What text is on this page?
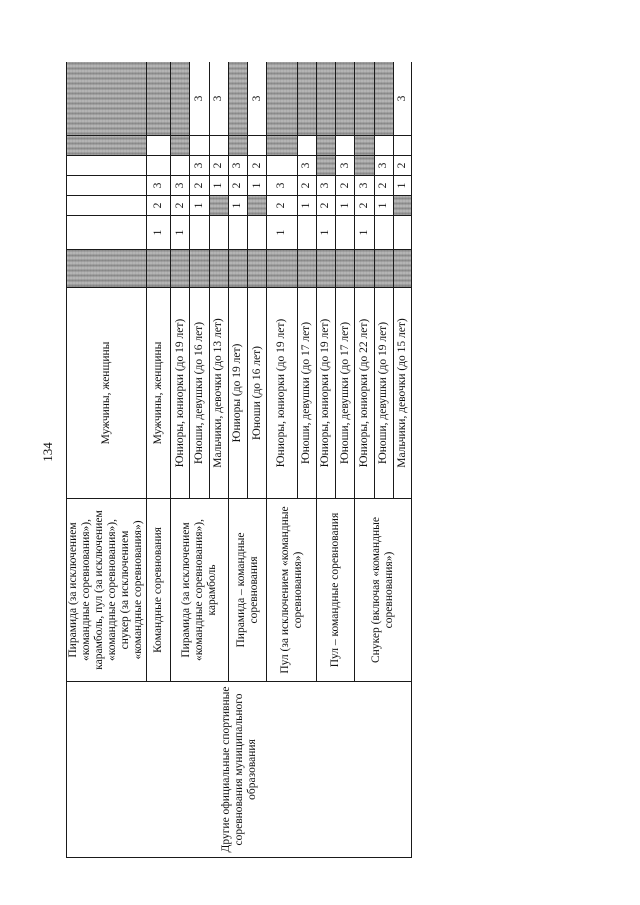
134
Другие официальные спортивные соревнования муниципального образования	Пирамида (за исключением «командные соревнования»), карамболь, пул (за исключением «командные соревнования»), снукер (за исключением «командные соревнования»)	Мужчины, женщины							
	Командные соревнования	Мужчины, женщины		1	2	3			
	Пирамида (за исключением «командные соревнования»), карамболь	Юниоры, юниорки (до 19 лет)		1	2	3			
		Юноши, девушки (до 16 лет)			1	2	3		3
		Мальчики, девочки (до 13 лет)				1	2		3
	Пирамида – командные соревнования	Юниоры (до 19 лет)			1	2	3		
		Юноши (до 16 лет)				1	2		3
	Пул (за исключением «командные соревнования»)	Юниоры, юниорки (до 19 лет)		1	2	3			
		Юноши, девушки (до 17 лет)			1	2	3		
	Пул – командные соревнования	Юниоры, юниорки (до 19 лет)		1	2	3			
		Юноши, девушки (до 17 лет)			1	2	3		
	Снукер (включая «командные соревнования»)	Юниоры, юниорки (до 22 лет)		1	2	3			
		Юноши, девушки (до 19 лет)			1	2	3		
		Мальчики, девочки (до 15 лет)				1	2		3
